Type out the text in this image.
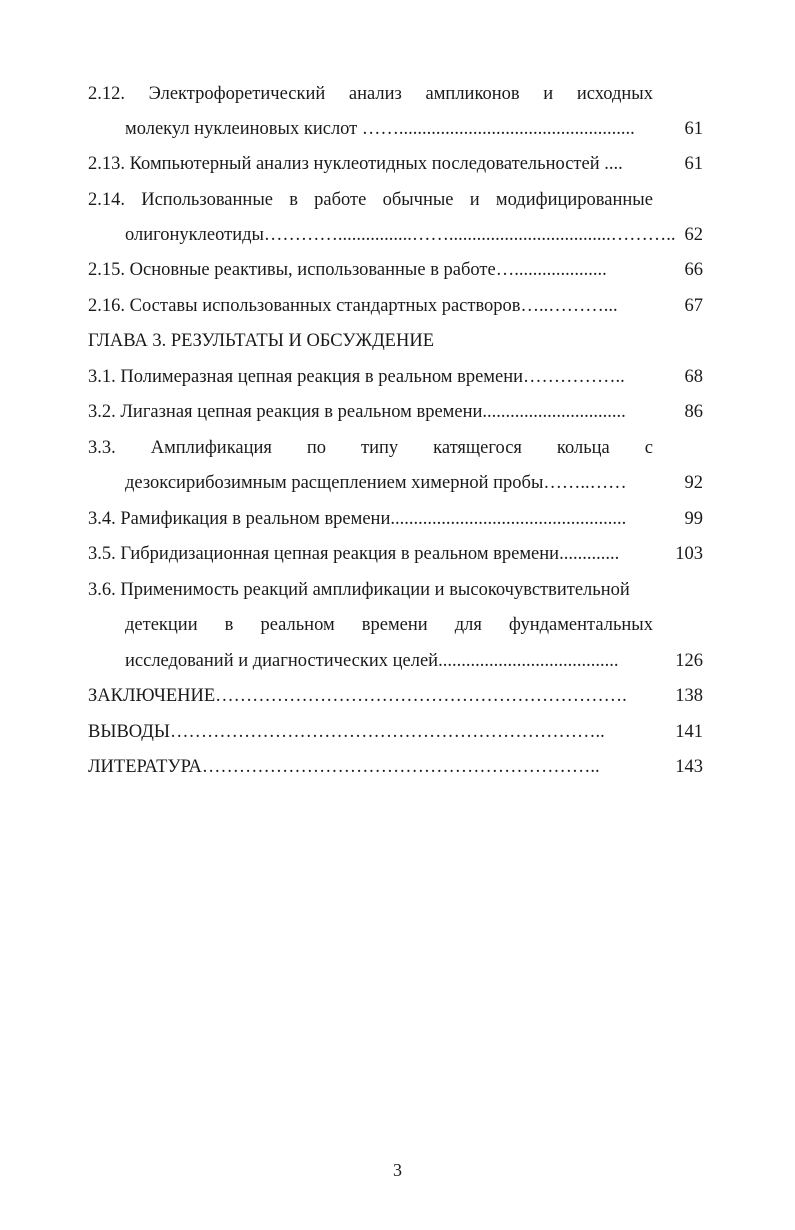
2.12. Электрофоретический анализ ампликонов и исходных
молекул нуклеиновых кислот ……...................................................	61
2.13. Компьютерный анализ нуклеотидных последовательностей ....	61
2.14. Использованные в работе обычные и модифицированные
олигонуклеотиды…………................……...................................……….. 62
2.15. Основные реактивы, использованные в работе…....................	66
2.16. Составы использованных стандартных растворов…..………...	67
ГЛАВА 3. РЕЗУЛЬТАТЫ И ОБСУЖДЕНИЕ
3.1. Полимеразная цепная реакция в реальном времени……………..	68
3.2. Лигазная цепная реакция в реальном времени...............................	86
3.3. Амплификация по типу катящегося кольца с
дезоксирибозимным расщеплением химерной пробы……..……	92
3.4. Рамификация в реальном времени...................................................	99
3.5. Гибридизационная цепная реакция в реальном времени.............	103
3.6. Применимость реакций амплификации и высокочувствительной
детекции в реальном времени для фундаментальных
исследований и диагностических целей.......................................	126
ЗАКЛЮЧЕНИЕ………………………………………………………….	138
ВЫВОДЫ……………………………………………………………..	141
ЛИТЕРАТУРА………………………………………………………..	143
3
